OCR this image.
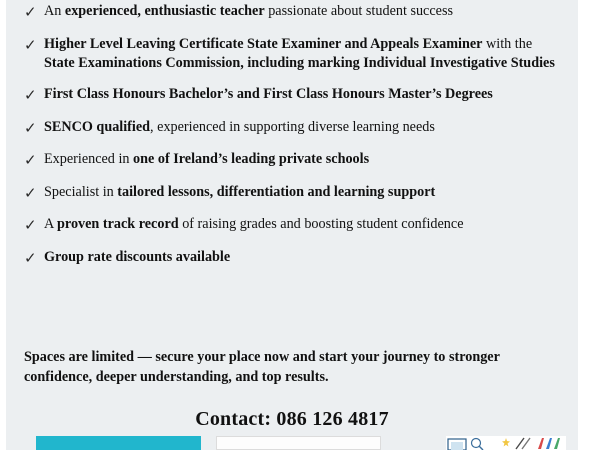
✓ An experienced, enthusiastic teacher passionate about student success
✓ Higher Level Leaving Certificate State Examiner and Appeals Examiner with the State Examinations Commission, including marking Individual Investigative Studies
✓ First Class Honours Bachelor’s and First Class Honours Master’s Degrees
✓ SENCO qualified, experienced in supporting diverse learning needs
✓ Experienced in one of Ireland’s leading private schools
✓ Specialist in tailored lessons, differentiation and learning support
✓ A proven track record of raising grades and boosting student confidence
✓ Group rate discounts available
Spaces are limited — secure your place now and start your journey to stronger confidence, deeper understanding, and top results.
Contact: 086 126 4817
